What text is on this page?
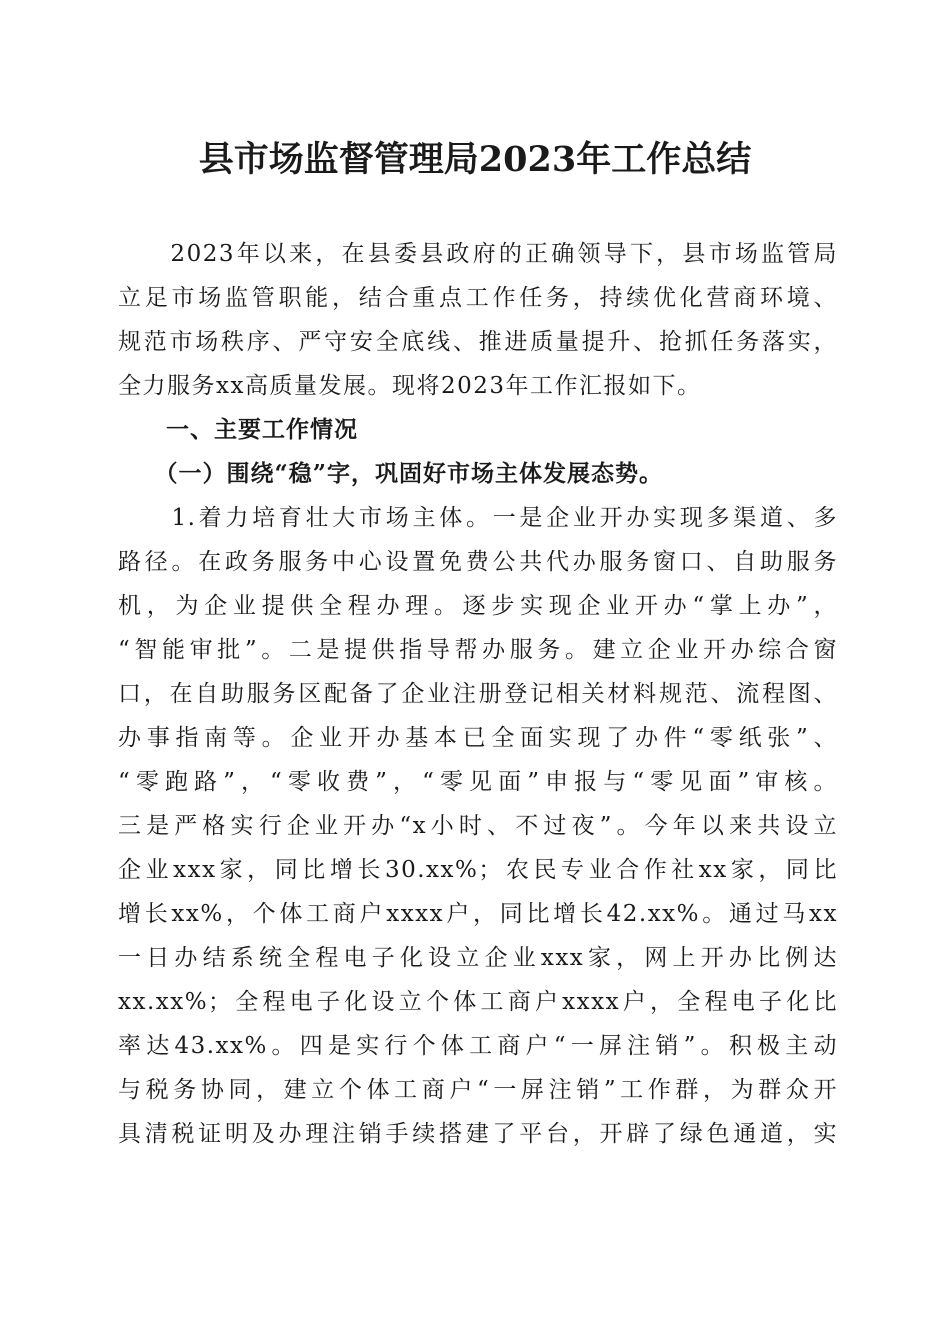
县市场监督管理局2023年工作总结
　　2023年以来，在县委县政府的正确领导下，县市场监管局
立足市场监管职能，结合重点工作任务，持续优化营商环境、
规范市场秩序、严守安全底线、推进质量提升、抢抓任务落实，
全力服务xx高质量发展。现将2023年工作汇报如下。
　　一、主要工作情况
　　（一）围绕“稳”字，巩固好市场主体发展态势。
　　1.着力培育壮大市场主体。一是企业开办实现多渠道、多
路径。在政务服务中心设置免费公共代办服务窗口、自助服务
机，为企业提供全程办理。逐步实现企业开办“掌上办”，
“智能审批”。二是提供指导帮办服务。建立企业开办综合窗
口，在自助服务区配备了企业注册登记相关材料规范、流程图、
办事指南等。企业开办基本已全面实现了办件“零纸张”、
“零跑路”，“零收费”，“零见面”申报与“零见面”审核。
三是严格实行企业开办“x小时、不过夜”。今年以来共设立
企业xxx家，同比增长30.xx%；农民专业合作社xx家，同比
增长xx%，个体工商户xxxx户，同比增长42.xx%。通过马xx
一日办结系统全程电子化设立企业xxx家，网上开办比例达
xx.xx%；全程电子化设立个体工商户xxxx户，全程电子化比
率达43.xx%。四是实行个体工商户“一屏注销”。积极主动
与税务协同，建立个体工商户“一屏注销”工作群，为群众开
具清税证明及办理注销手续搭建了平台，开辟了绿色通道，实
